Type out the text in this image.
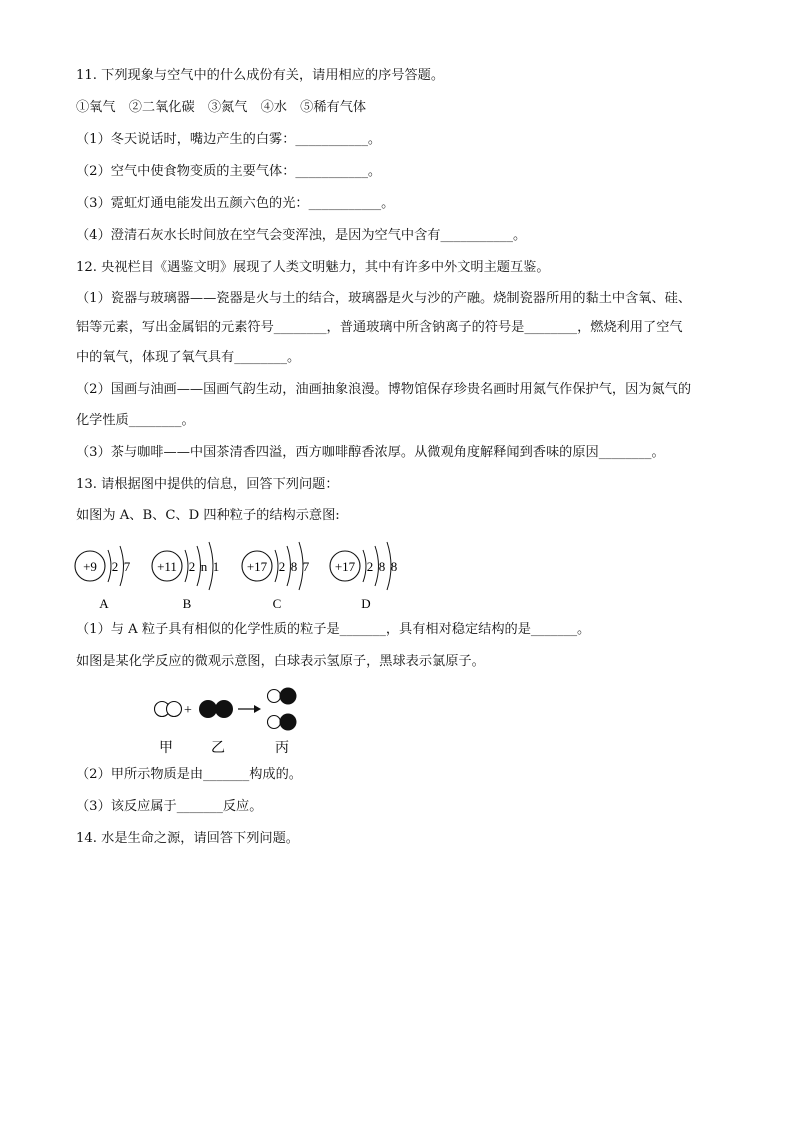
11. 下列现象与空气中的什么成份有关，请用相应的序号答题。
①氧气　②二氧化碳　③氮气　④水　⑤稀有气体
（1）冬天说话时，嘴边产生的白雾：___________。
（2）空气中使食物变质的主要气体：___________。
（3）霓虹灯通电能发出五颜六色的光：___________。
（4）澄清石灰水长时间放在空气会变浑浊，是因为空气中含有___________。
12. 央视栏目《遇鉴文明》展现了人类文明魅力，其中有许多中外文明主题互鉴。
（1）瓷器与玻璃器——瓷器是火与土的结合，玻璃器是火与沙的产融。烧制瓷器所用的黏土中含氧、硅、
铝等元素，写出金属铝的元素符号________，普通玻璃中所含钠离子的符号是________，燃烧利用了空气
中的氧气，体现了氧气具有________。
（2）国画与油画——国画气韵生动，油画抽象浪漫。博物馆保存珍贵名画时用氮气作保护气，因为氮气的
化学性质________。
（3）茶与咖啡——中国茶清香四溢，西方咖啡醇香浓厚。从微观角度解释闻到香味的原因________。
13. 请根据图中提供的信息，回答下列问题：
如图为 A、B、C、D 四种粒子的结构示意图:
+9 2 7
A
+11 2 n 1
B
+17 2 8 7
C
+17 2 8 8
D
（1）与 A 粒子具有相似的化学性质的粒子是_______，具有相对稳定结构的是_______。
如图是某化学反应的微观示意图，白球表示氢原子，黑球表示氯原子。
+
甲	乙	丙
（2）甲所示物质是由_______构成的。
（3）该反应属于_______反应。
14. 水是生命之源，请回答下列问题。
